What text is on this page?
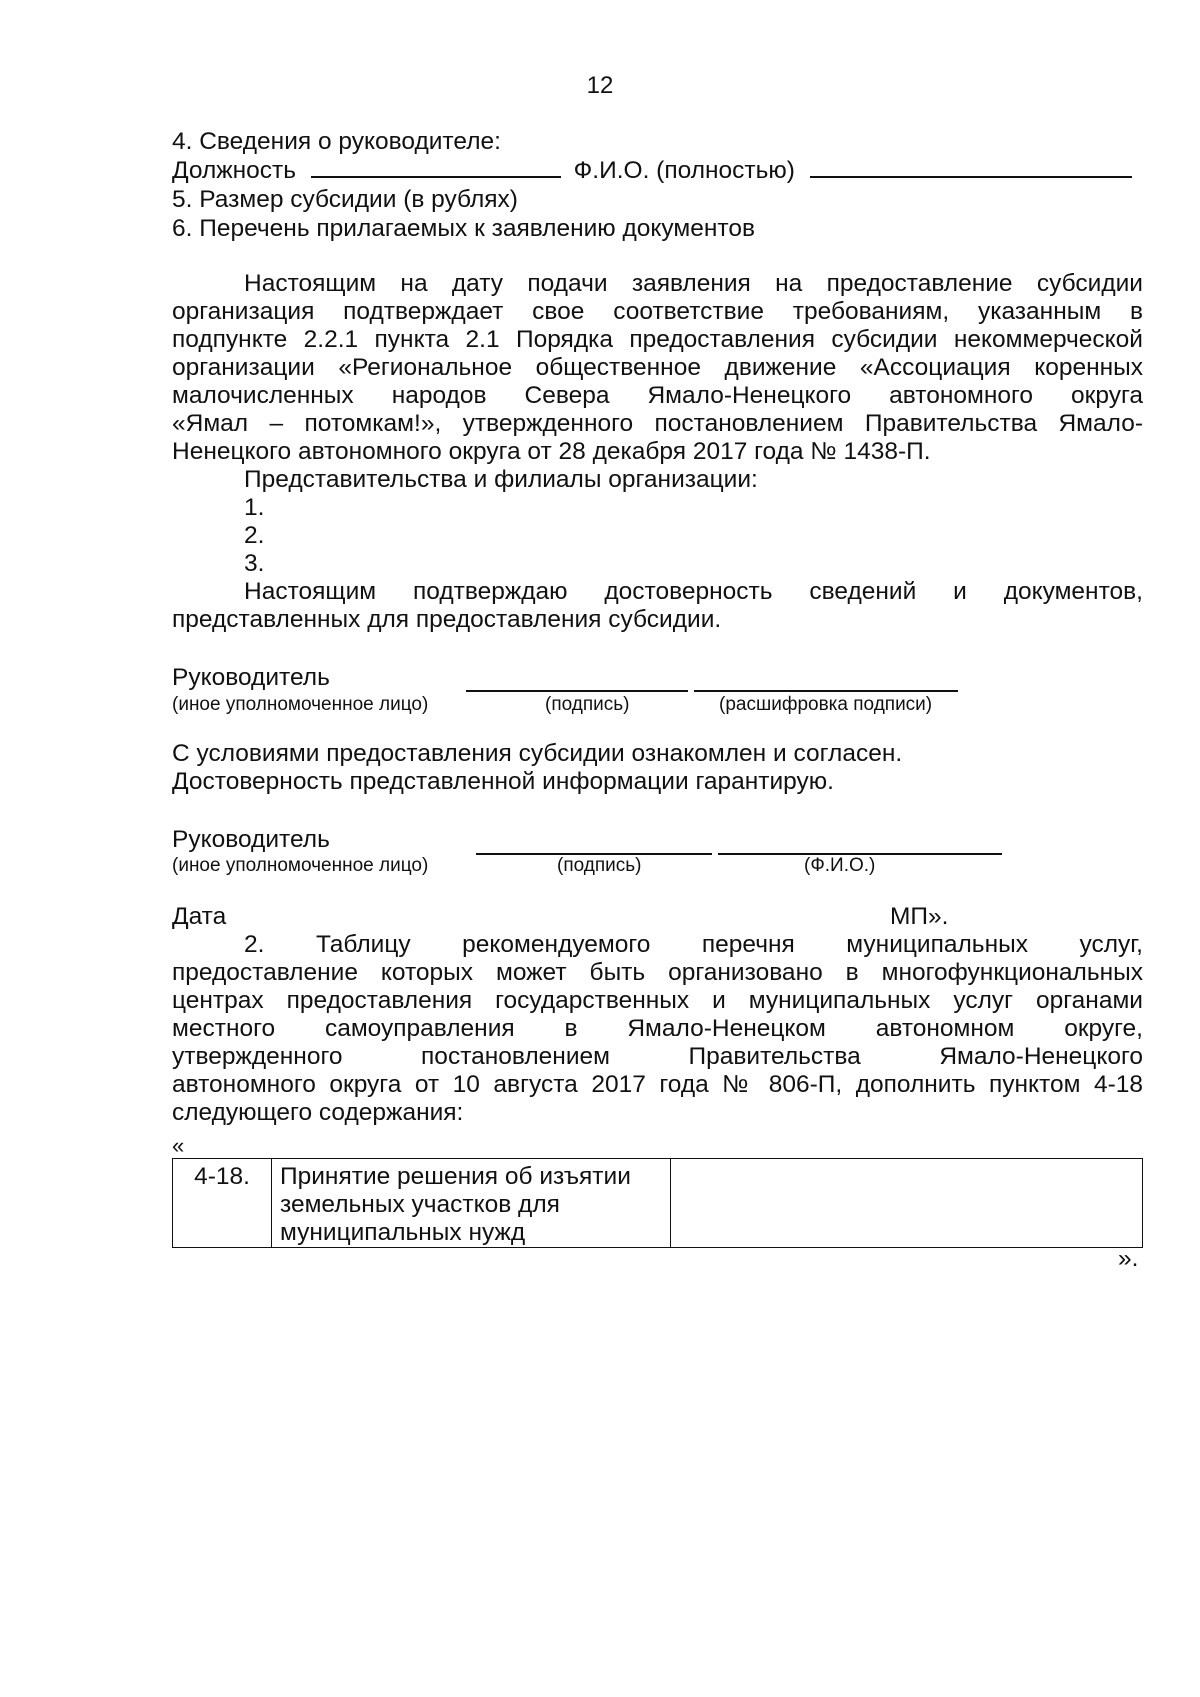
12
4. Сведения о руководителе:
Должность	Ф.И.О. (полностью)
5. Размер субсидии (в рублях)
6. Перечень прилагаемых к заявлению документов
Настоящим на дату подачи заявления на предоставление субсидии
организация подтверждает свое соответствие требованиям, указанным в
подпункте 2.2.1 пункта 2.1 Порядка предоставления субсидии некоммерческой
организации «Региональное общественное движение «Ассоциация коренных
малочисленных народов Севера Ямало-Ненецкого автономного округа
«Ямал – потомкам!», утвержденного постановлением Правительства Ямало-
Ненецкого автономного округа от 28 декабря 2017 года № 1438-П.
Представительства и филиалы организации:
1.
2.
3.
Настоящим подтверждаю достоверность сведений и документов,
представленных для предоставления субсидии.
Руководитель
(иное уполномоченное лицо)	(подпись)	(расшифровка подписи)
С условиями предоставления субсидии ознакомлен и согласен.
Достоверность представленной информации гарантирую.
Руководитель
(иное уполномоченное лицо)	(подпись)	(Ф.И.О.)
Дата	МП».
2. Таблицу рекомендуемого перечня муниципальных услуг,
предоставление которых может быть организовано в многофункциональных
центрах предоставления государственных и муниципальных услуг органами
местного самоуправления в Ямало-Ненецком автономном округе,
утвержденного постановлением Правительства Ямало-Ненецкого
автономного округа от 10 августа 2017 года № 806-П, дополнить пунктом 4-18
следующего содержания:
«
4-18.	Принятие решения об изъятии
земельных участков для
муниципальных нужд

».
